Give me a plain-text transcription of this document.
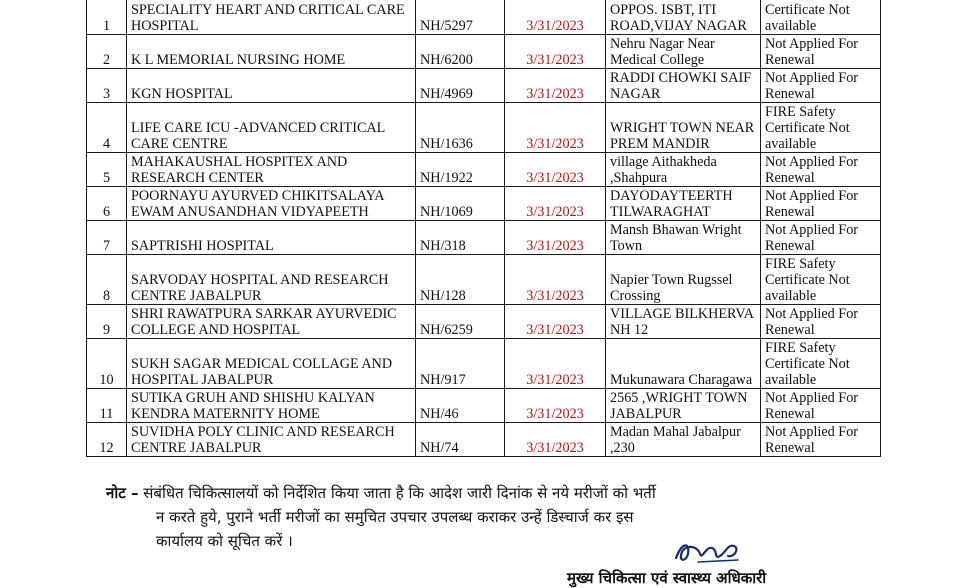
1	SPECIALITY HEART AND CRITICAL CARE HOSPITAL	NH/5297	3/31/2023	OPPOS. ISBT, ITI ROAD,VIJAY NAGAR	Certificate Not available

2	K L MEMORIAL NURSING HOME	NH/6200	3/31/2023	Nehru Nagar Near Medical College	Not Applied For Renewal

3	KGN HOSPITAL	NH/4969	3/31/2023	RADDI CHOWKI SAIF NAGAR	Not Applied For Renewal

4	LIFE CARE ICU -ADVANCED CRITICAL CARE CENTRE	NH/1636	3/31/2023	WRIGHT TOWN NEAR PREM MANDIR	FIRE Safety Certificate Not available

5	MAHAKAUSHAL HOSPITEX AND RESEARCH CENTER	NH/1922	3/31/2023	village Aithakheda ,Shahpura	Not Applied For Renewal

6	POORNAYU AYURVED CHIKITSALAYA EWAM ANUSANDHAN VIDYAPEETH	NH/1069	3/31/2023	DAYODAYTEERTH TILWARAGHAT	Not Applied For Renewal

7	SAPTRISHI HOSPITAL	NH/318	3/31/2023	Mansh Bhawan Wright Town	Not Applied For Renewal

8	SARVODAY HOSPITAL AND RESEARCH CENTRE JABALPUR	NH/128	3/31/2023	Napier Town Rugssel Crossing	FIRE Safety Certificate Not available

9	SHRI RAWATPURA SARKAR AYURVEDIC COLLEGE AND HOSPITAL	NH/6259	3/31/2023	VILLAGE BILKHERVA NH 12	Not Applied For Renewal

10	SUKH SAGAR MEDICAL COLLAGE AND HOSPITAL JABALPUR	NH/917	3/31/2023	Mukunawara Charagawa	FIRE Safety Certificate Not available

11	SUTIKA GRUH AND SHISHU KALYAN KENDRA MATERNITY HOME	NH/46	3/31/2023	2565 ,WRIGHT TOWN JABALPUR	Not Applied For Renewal

12	SUVIDHA POLY CLINIC AND RESEARCH CENTRE JABALPUR	NH/74	3/31/2023	Madan Mahal Jabalpur ,230	Not Applied For Renewal
नोट – संबंधित चिकित्सालयों को निर्देशित किया जाता है कि आदेश जारी दिनांक से नये मरीजों को भर्ती
न करते हुये, पुराने भर्ती मरीजों का समुचित उपचार उपलब्ध कराकर उन्हें डिस्चार्ज कर इस
कार्यालय को सूचित करें ।
मुख्य चिकित्सा एवं स्वास्थ्य अधिकारी
